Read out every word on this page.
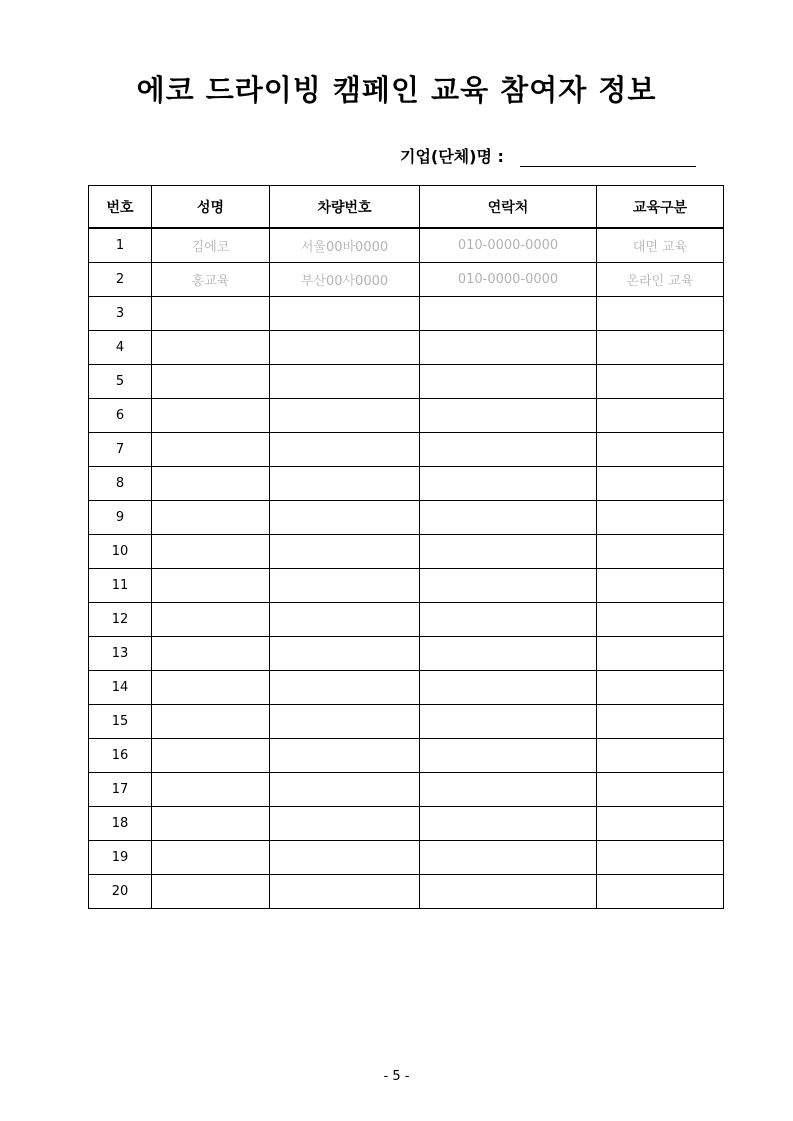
에코 드라이빙 캠페인 교육 참여자 정보
기업(단체)명 :
번호	성명	차량번호	연락처	교육구분
1	김에코	서울00바0000	010-0000-0000	대면 교육
2	홍교육	부산00사0000	010-0000-0000	온라인 교육
3				
4				
5				
6				
7				
8				
9				
10				
11				
12				
13				
14				
15				
16				
17				
18				
19				
20				
- 5 -
